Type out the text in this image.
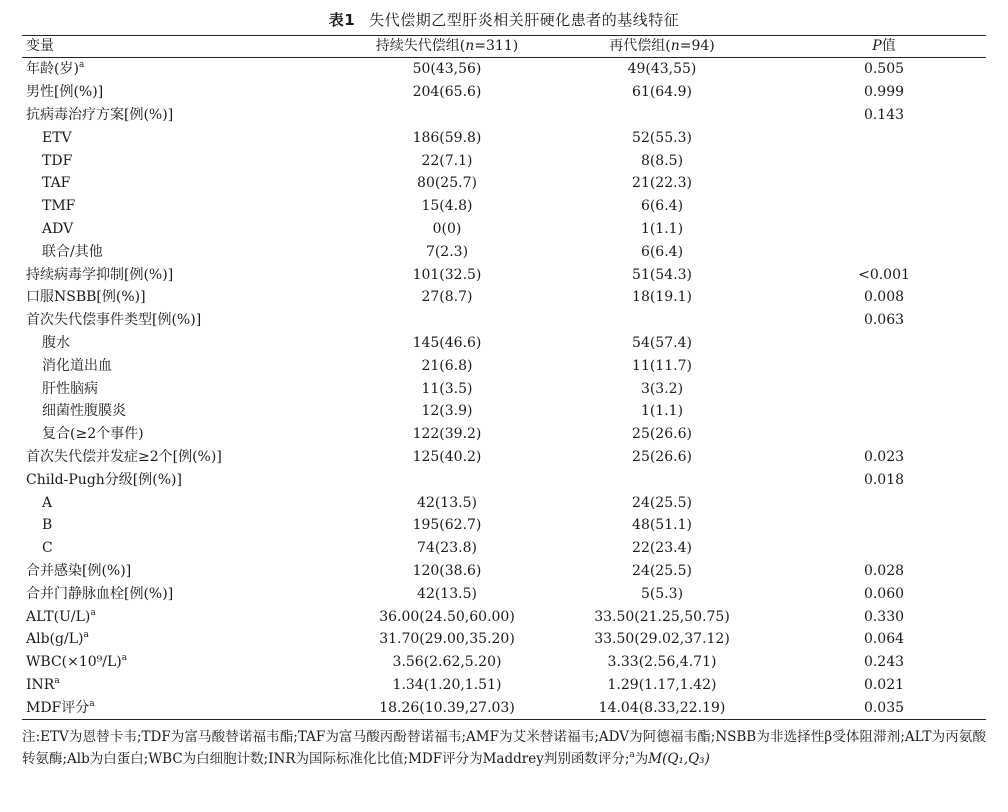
表1 失代偿期乙型肝炎相关肝硬化患者的基线特征
变量	持续失代偿组(n=311)	再代偿组(n=94)	P值
年龄(岁)$^a$	50(43,56)	49(43,55)	0.505
男性[例(%)]	204(65.6)	61(64.9)	0.999
抗病毒治疗方案[例(%)]			0.143
ETV	186(59.8)	52(55.3)	
TDF	22(7.1)	8(8.5)	
TAF	80(25.7)	21(22.3)	
TMF	15(4.8)	6(6.4)	
ADV	0(0)	1(1.1)	
联合/其他	7(2.3)	6(6.4)	
持续病毒学抑制[例(%)]	101(32.5)	51(54.3)	<0.001
口服NSBB[例(%)]	27(8.7)	18(19.1)	0.008
首次失代偿事件类型[例(%)]			0.063
腹水	145(46.6)	54(57.4)	
消化道出血	21(6.8)	11(11.7)	
肝性脑病	11(3.5)	3(3.2)	
细菌性腹膜炎	12(3.9)	1(1.1)	
复合(≥2个事件)	122(39.2)	25(26.6)	
首次失代偿并发症≥2个[例(%)]	125(40.2)	25(26.6)	0.023
Child-Pugh分级[例(%)]			0.018
A	42(13.5)	24(25.5)	
B	195(62.7)	48(51.1)	
C	74(23.8)	22(23.4)	
合并感染[例(%)]	120(38.6)	24(25.5)	0.028
合并门静脉血栓[例(%)]	42(13.5)	5(5.3)	0.060
$ALT(U/L)^a$	36.00(24.50,60.00)	33.50(21.25,50.75)	0.330
$Alb(g/L)^a$	31.70(29.00,35.20)	33.50(29.02,37.12)	0.064
$WBC(\times 10^9/L)^a$	3.56(2.62,5.20)	3.33(2.56,4.71)	0.243
INR$^a$	1.34(1.20,1.51)	1.29(1.17,1.42)	0.021
MDF评分$^a$	18.26(10.39,27.03)	14.04(8.33,22.19)	0.035
注:ETV为恩替卡韦;TDF为富马酸替诺福韦酯;TAF为富马酸丙酚替诺福韦;AMF为艾米替诺福韦;ADV为阿德福韦酯;NSBB为非选择性β受体阻滞剂;ALT为丙氨酸转氨酶;Alb为白蛋白;WBC为白细胞计数;INR为国际标准化比值;MDF评分为Maddrey判别函数评分;$^a$为M(Q₁,Q₃)
